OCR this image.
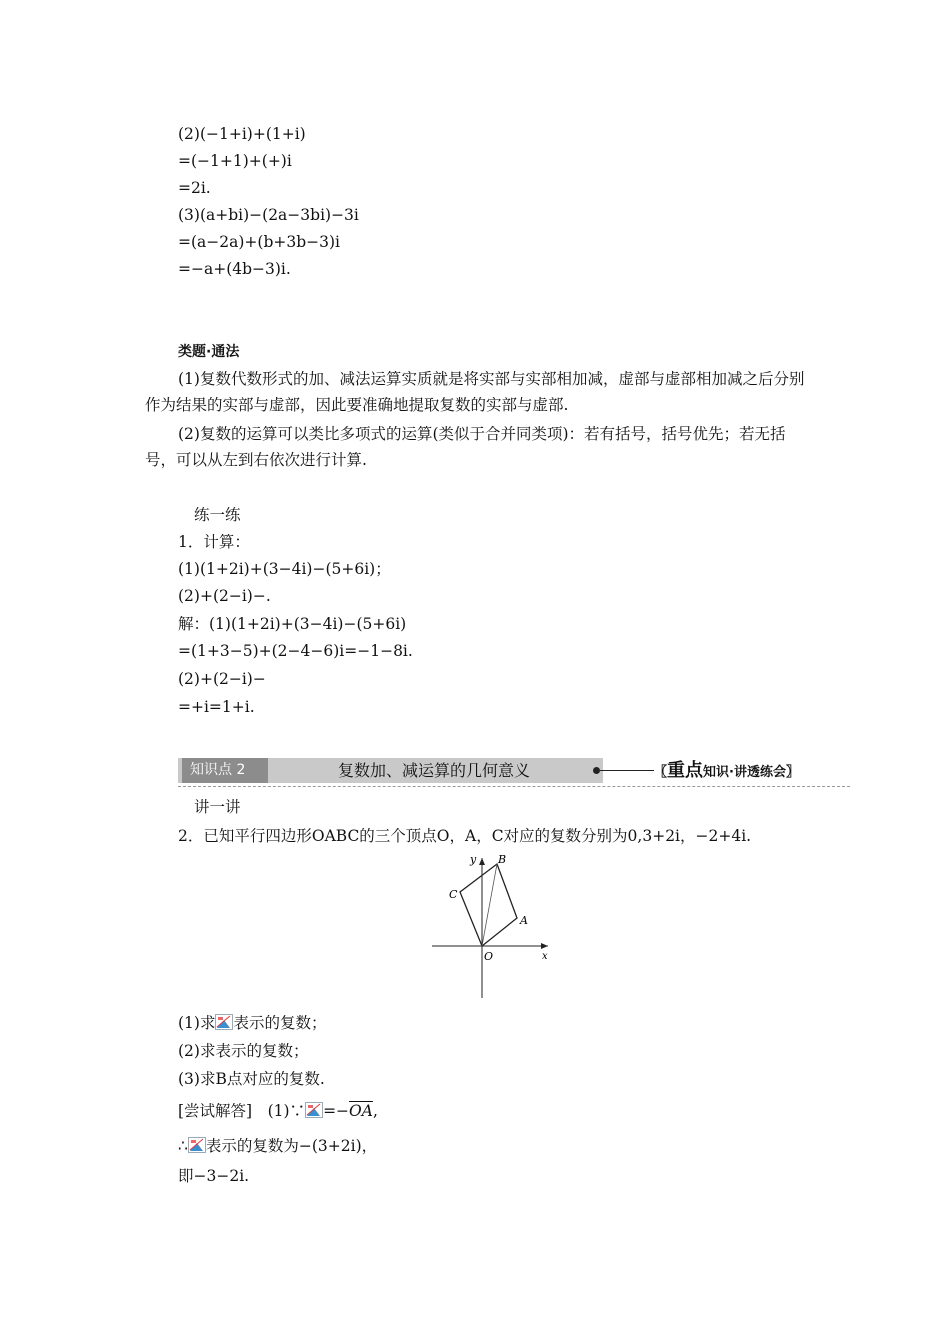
(2)(−1+i)+(1+i)
=(−1+1)+(+)i
=2i.
(3)(a+bi)−(2a−3bi)−3i
=(a−2a)+(b+3b−3)i
=−a+(4b−3)i.
类题·通法
(1)复数代数形式的加、减法运算实质就是将实部与实部相加减，虚部与虚部相加减之后分别作为结果的实部与虚部，因此要准确地提取复数的实部与虚部.
(2)复数的运算可以类比多项式的运算(类似于合并同类项)：若有括号，括号优先；若无括号，可以从左到右依次进行计算.
练一练
1．计算：
(1)(1+2i)+(3−4i)−(5+6i)；
(2)+(2−i)−.
解：(1)(1+2i)+(3−4i)−(5+6i)
=(1+3−5)+(2−4−6)i=−1−8i.
(2)+(2−i)−
=+i=1+i.
知识点 2	复数加、减运算的几何意义	〖重点知识·讲透练会〗
讲一讲
2．已知平行四边形OABC的三个顶点O，A，C对应的复数分别为0,3+2i，−2+4i.
y B
C
A
O	x
(1)求 表示的复数；
(2)求表示的复数；
(3)求B点对应的复数.
[尝试解答]　(1)∵ $=-\overline{OA}$,
∴ 表示的复数为−(3+2i)，
即−3−2i.
